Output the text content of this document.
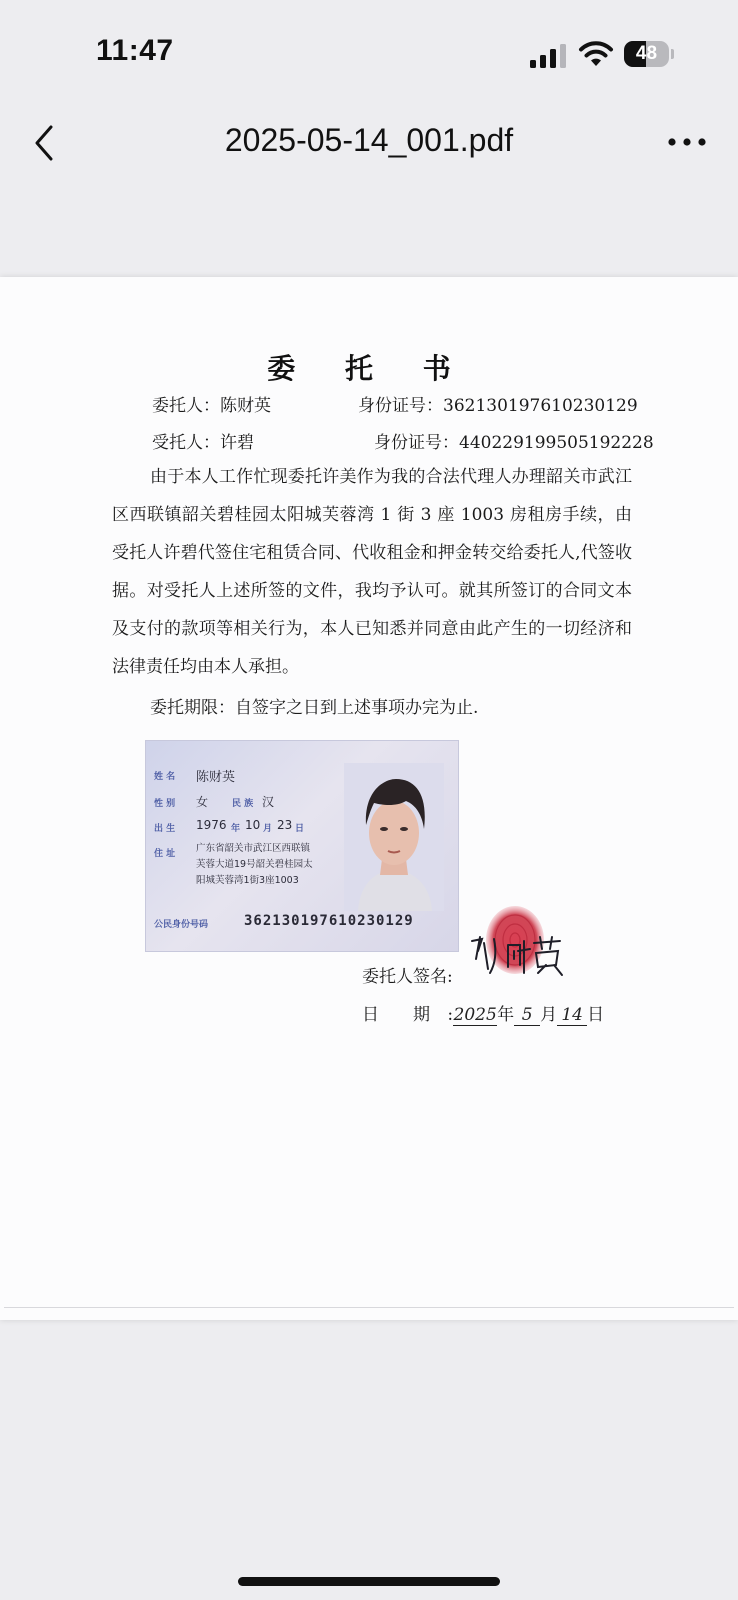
11:47	48
2025-05-14_001.pdf
委 托 书
委托人：陈财英	身份证号：362130197610230129
受托人：许碧	身份证号：440229199505192228
由于本人工作忙现委托许美作为我的合法代理人办理韶关市武江区西联镇韶关碧桂园太阳城芙蓉湾 1 街 3 座 1003 房租房手续，由受托人许碧代签住宅租赁合同、代收租金和押金转交给委托人,代签收据。对受托人上述所签的文件，我均予认可。就其所签订的合同文本及支付的款项等相关行为，本人已知悉并同意由此产生的一切经济和法律责任均由本人承担。
委托期限：自签字之日到上述事项办完为止.
姓 名 陈财英
性 别 女	民 族 汉
出 生 1976 年 10 月 23 日
住 址 广东省韶关市武江区西联镇
芙蓉大道19号韶关碧桂园太
阳城芙蓉湾1街3座1003
公民身份号码	362130197610230129
委托人签名:
日　　期 :2025年 5 月 14 日
